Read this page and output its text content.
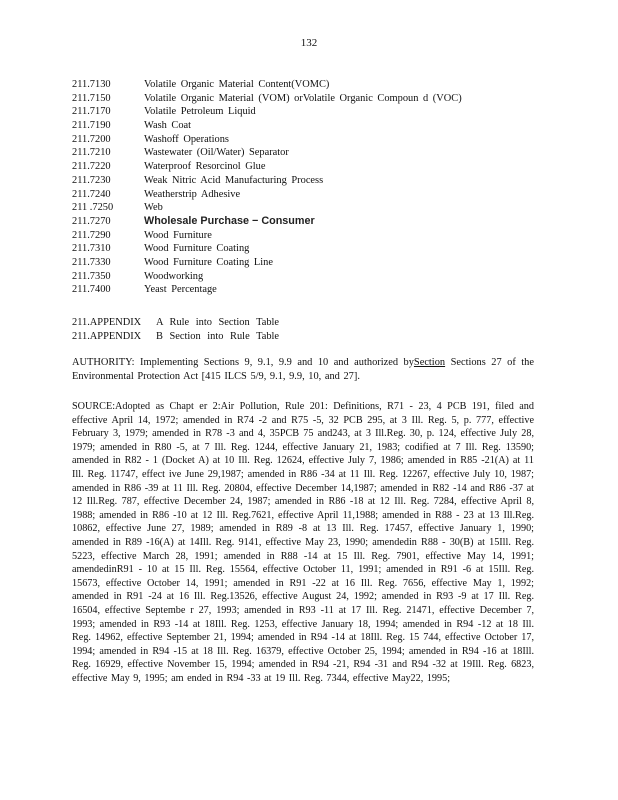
132
211.7130	Volatile Organic Material Content(VOMC)
211.7150	Volatile Organic Material (VOM) orVolatile Organic Compoun d (VOC)
211.7170	Volatile Petroleum Liquid
211.7190	Wash Coat
211.7200	Washoff Operations
211.7210	Wastewater (Oil/Water) Separator
211.7220	Waterproof Resorcinol Glue
211.7230	Weak Nitric Acid Manufacturing Process
211.7240	Weatherstrip Adhesive
211 .7250	Web
211.7270	Wholesale Purchase − Consumer
211.7290	Wood Furniture
211.7310	Wood Furniture Coating
211.7330	Wood Furniture Coating Line
211.7350	Woodworking
211.7400	Yeast Percentage
211.APPENDIX	A Rule into Section Table
211.APPENDIX	B Section into Rule Table
AUTHORITY: Implementing Sections 9, 9.1, 9.9 and 10 and authorized bySection Sections 27 of the Environmental Protection Act [415 ILCS 5/9, 9.1, 9.9, 10, and 27].
SOURCE:Adopted as Chapt er 2:Air Pollution, Rule 201: Definitions, R71 - 23, 4 PCB 191, filed and effective April 14, 1972; amended in R74 -2 and R75 -5, 32 PCB 295, at 3 Ill. Reg. 5, p. 777, effective February 3, 1979; amended in R78 -3 and 4, 35PCB 75 and243, at 3 Ill.Reg. 30, p. 124, effective July 28, 1979; amended in R80 -5, at 7 Ill. Reg. 1244, effective January 21, 1983; codified at 7 Ill. Reg. 13590; amended in R82 - 1 (Docket A) at 10 Ill. Reg. 12624, effective July 7, 1986; amended in R85 -21(A) at 11 Ill. Reg. 11747, effect ive June 29,1987; amended in R86 -34 at 11 Ill. Reg. 12267, effective July 10, 1987; amended in R86 -39 at 11 Ill. Reg. 20804, effective December 14,1987; amended in R82 -14 and R86 -37 at 12 Ill.Reg. 787, effective December 24, 1987; amended in R86 -18 at 12 Ill. Reg. 7284, effective April 8, 1988; amended in R86 -10 at 12 Ill. Reg.7621, effective April 11,1988; amended in R88 - 23 at 13 Ill.Reg. 10862, effective June 27, 1989; amended in R89 -8 at 13 Ill. Reg. 17457, effective January 1, 1990; amended in R89 -16(A) at 14Ill. Reg. 9141, effective May 23, 1990; amendedin R88 - 30(B) at 15Ill. Reg. 5223, effective March 28, 1991; amended in R88 -14 at 15 Ill. Reg. 7901, effective May 14, 1991; amendedinR91 - 10 at 15 Ill. Reg. 15564, effective October 11, 1991; amended in R91 -6 at 15Ill. Reg. 15673, effective October 14, 1991; amended in R91 -22 at 16 Ill. Reg. 7656, effective May 1, 1992; amended in R91 -24 at 16 Ill. Reg.13526, effective August 24, 1992; amended in R93 -9 at 17 Ill. Reg. 16504, effective Septembe r 27, 1993; amended in R93 -11 at 17 Ill. Reg. 21471, effective December 7, 1993; amended in R93 -14 at 18Ill. Reg. 1253, effective January 18, 1994; amended in R94 -12 at 18 Ill. Reg. 14962, effective September 21, 1994; amended in R94 -14 at 18Ill. Reg. 15 744, effective October 17, 1994; amended in R94 -15 at 18 Ill. Reg. 16379, effective October 25, 1994; amended in R94 -16 at 18Ill. Reg. 16929, effective November 15, 1994; amended in R94 -21, R94 -31 and R94 -32 at 19Ill. Reg. 6823, effective May 9, 1995; am ended in R94 -33 at 19 Ill. Reg. 7344, effective May22, 1995;
